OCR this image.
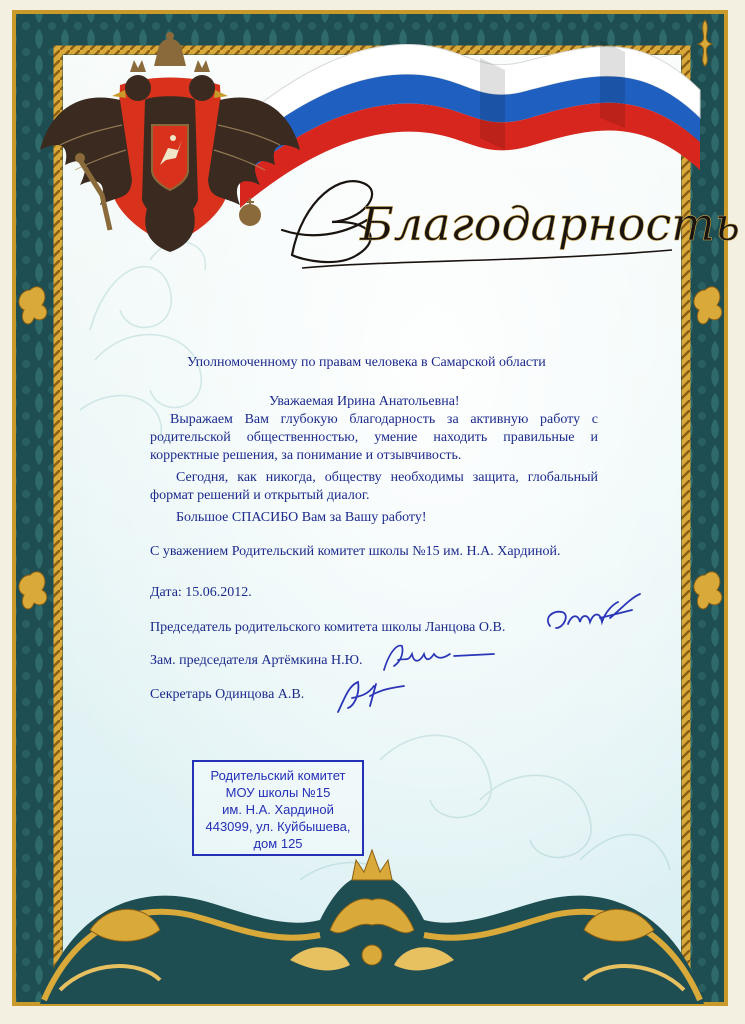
Благодарность
Уполномоченному по правам человека в Самарской области
Уважаемая Ирина Анатольевна!
Выражаем Вам глубокую благодарность за активную работу с
родительской общественностью, умение находить правильные и
корректные решения, за понимание и отзывчивость.
Сегодня, как никогда, обществу необходимы защита, глобальный
формат решений и открытый диалог.
Большое СПАСИБО Вам за Вашу работу!
С уважением Родительский комитет школы №15 им. Н.А. Хардиной.
Дата: 15.06.2012.
Председатель родительского комитета школы Ланцова О.В.
Зам. председателя Артёмкина Н.Ю.
Секретарь Одинцова А.В.
Родительский комитет
МОУ школы №15
им. Н.А. Хардиной
443099, ул. Куйбышева,
дом 125
